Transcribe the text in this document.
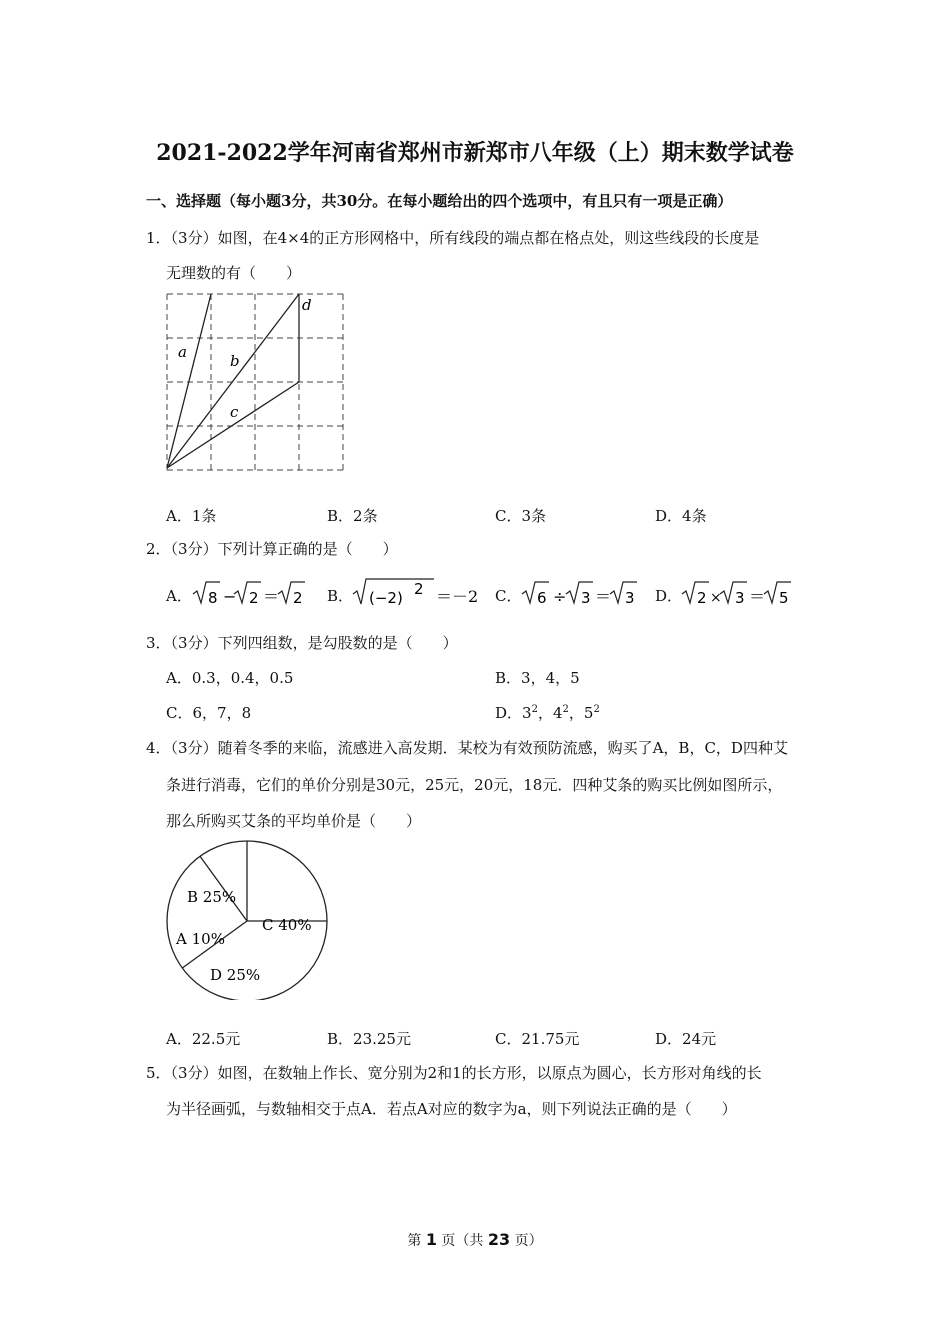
2021-2022学年河南省郑州市新郑市八年级（上）期末数学试卷
一、选择题（每小题3分，共30分。在每小题给出的四个选项中，有且只有一项是正确）
1．（3分）如图，在4×4的正方形网格中，所有线段的端点都在格点处，则这些线段的长度是
无理数的有（　　）
a	b
c
d
A．1条	B．2条	C．3条	D．4条
2．（3分）下列计算正确的是（　　）
A． 8 − 2 ＝ 2 B． (−2) 2 ＝－2 C． 6 ÷ 3 ＝ 3 D． 2 × 3 ＝ 5
3．（3分）下列四组数，是勾股数的是（　　）
A．0.3，0.4，0.5	B．3，4，5
C．6，7，8	D．$3^2$，$4^2$，$5^2$
4．（3分）随着冬季的来临，流感进入高发期．某校为有效预防流感，购买了A，B，C，D四种艾
条进行消毒，它们的单价分别是30元，25元，20元，18元．四种艾条的购买比例如图所示，
那么所购买艾条的平均单价是（　　）
B 25%
C 40%
A 10%
D 25%
A．22.5元	B．23.25元	C．21.75元	D．24元
5．（3分）如图，在数轴上作长、宽分别为2和1的长方形，以原点为圆心，长方形对角线的长
为半径画弧，与数轴相交于点A．若点A对应的数字为a，则下列说法正确的是（　　）
第 1 页（共 23 页）
